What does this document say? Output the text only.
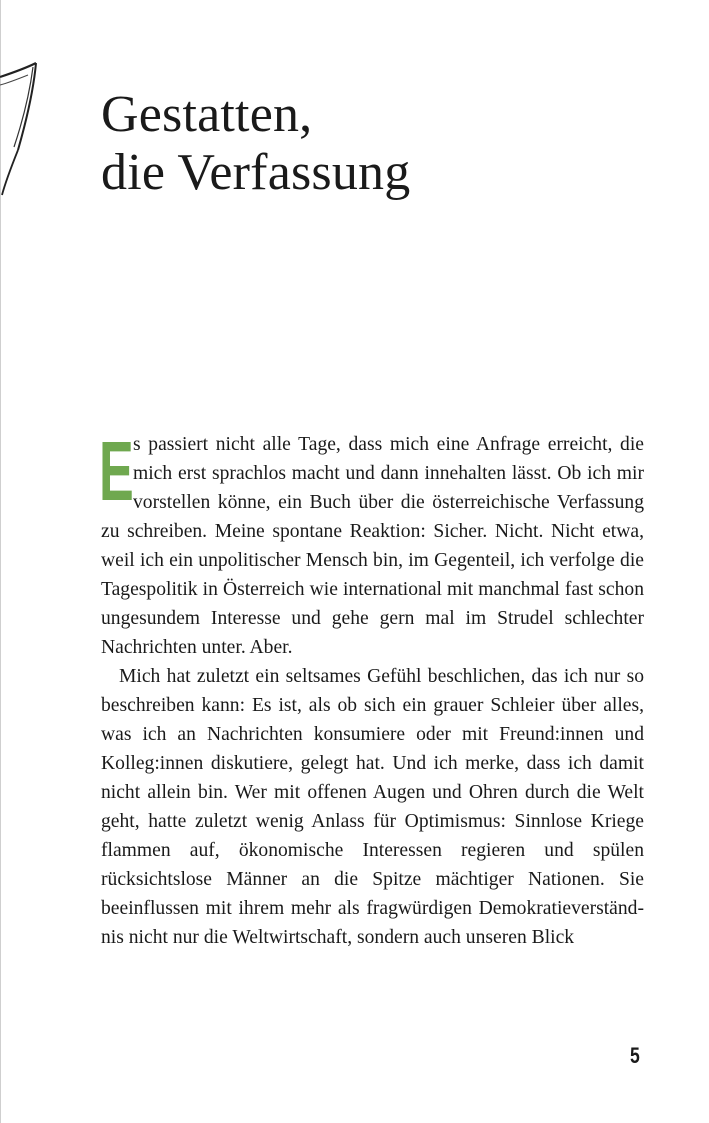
Gestatten,
die Verfassung

Es passiert nicht alle Tage, dass mich eine Anfrage erreicht, die mich erst sprachlos macht und dann innehalten lässt. Ob ich mir vorstellen könne, ein Buch über die österreichische Verfassung zu schreiben. Meine spontane Reaktion: Sicher. Nicht. Nicht etwa, weil ich ein unpolitischer Mensch bin, im Gegenteil, ich verfolge die Tagespolitik in Österreich wie international mit manchmal fast schon ungesundem Interesse und gehe gern mal im Strudel schlechter Nachrichten unter. Aber.

Mich hat zuletzt ein seltsames Gefühl beschlichen, das ich nur so beschreiben kann: Es ist, als ob sich ein grauer Schleier über alles, was ich an Nachrichten konsumiere oder mit Freund:innen und Kolleg:innen diskutiere, gelegt hat. Und ich merke, dass ich damit nicht allein bin. Wer mit offenen Augen und Ohren durch die Welt geht, hatte zuletzt wenig Anlass für Optimismus: Sinnlose Kriege flammen auf, ökonomische Interessen regieren und spülen rücksichtslose Männer an die Spitze mächtiger Nationen. Sie beeinflussen mit ihrem mehr als fragwürdigen Demokratieverständnis nicht nur die Weltwirtschaft, sondern auch unseren Blick

5
